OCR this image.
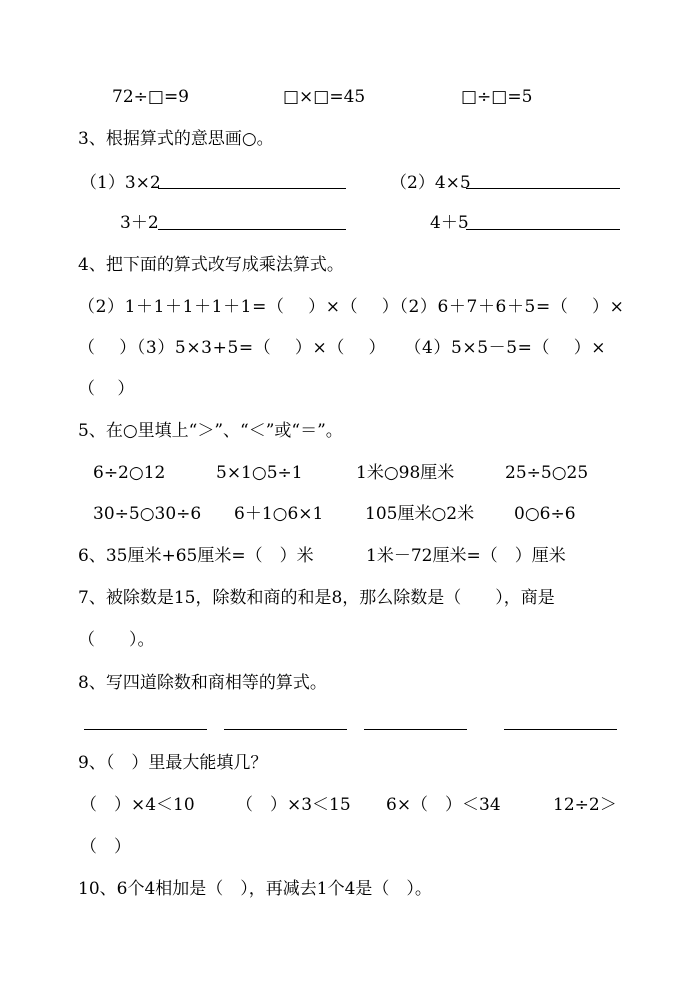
72÷□=9	□×□=45	□÷□=5
3、根据算式的意思画○。
（1）3×2	（2）4×5
3＋2	4＋5
4、把下面的算式改写成乘法算式。
（2）1＋1＋1＋1＋1=（　 ）×（　 ）（2）6＋7＋6＋5=（　 ）×
（　 ）（3）5×3+5=（　 ）×（　 ）　　（4）5×5－5=（　 ）×
（　 ）
5、在○里填上“＞”、“＜”或“＝”。
6÷2○12	5×1○5÷1	1米○98厘米	25÷5○25
30÷5○30÷6 6＋1○6×1 105厘米○2米 0○6÷6
6、35厘米+65厘米=（　）米	1米－72厘米=（　）厘米
7、被除数是15，除数和商的和是8，那么除数是（　　），商是
（　　）。
8、写四道除数和商相等的算式。
9、（　）里最大能填几？
（　）×4＜10 （　）×3＜15 6×（　）＜34	12÷2＞
（　）
10、6个4相加是（　），再减去1个4是（　）。
